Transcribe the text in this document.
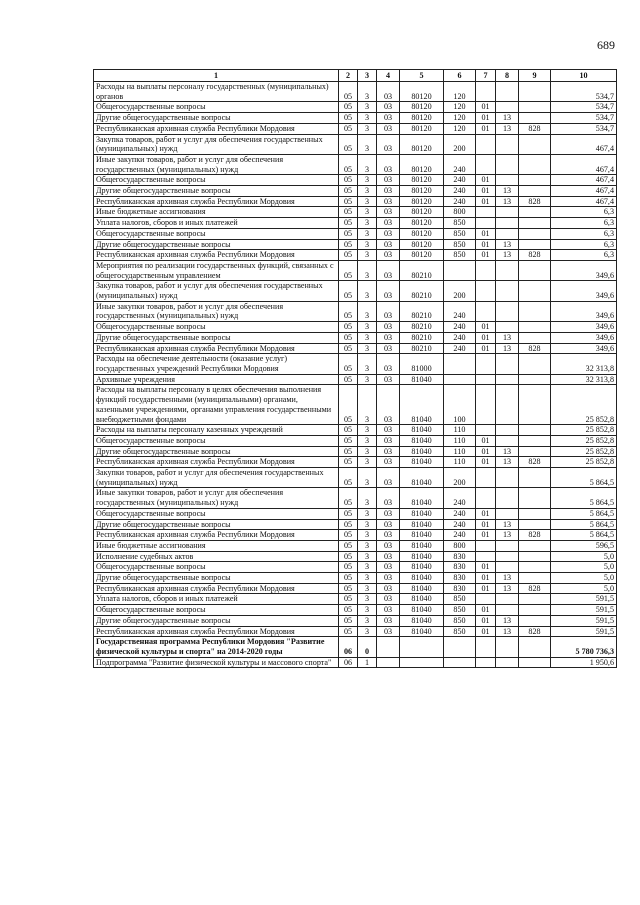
689
1	2	3	4	5	6	7	8	9	10
Расходы на выплаты персоналу государственных (муниципальных) органов	05	3	03	80120	120				534,7
Общегосударственные вопросы	05	3	03	80120	120	01			534,7
Другие общегосударственные вопросы	05	3	03	80120	120	01	13		534,7
Республиканская архивная служба Республики Мордовия	05	3	03	80120	120	01	13	828	534,7
Закупка товаров, работ и услуг для обеспечения государственных (муниципальных) нужд	05	3	03	80120	200				467,4
Иные закупки товаров, работ и услуг для обеспечения государственных (муниципальных) нужд	05	3	03	80120	240				467,4
Общегосударственные вопросы	05	3	03	80120	240	01			467,4
Другие общегосударственные вопросы	05	3	03	80120	240	01	13		467,4
Республиканская архивная служба Республики Мордовия	05	3	03	80120	240	01	13	828	467,4
Иные бюджетные ассигнования	05	3	03	80120	800				6,3
Уплата налогов, сборов и иных платежей	05	3	03	80120	850				6,3
Общегосударственные вопросы	05	3	03	80120	850	01			6,3
Другие общегосударственные вопросы	05	3	03	80120	850	01	13		6,3
Республиканская архивная служба Республики Мордовия	05	3	03	80120	850	01	13	828	6,3
Мероприятия по реализации государственных функций, связанных с общегосударственным управлением	05	3	03	80210					349,6
Закупка товаров, работ и услуг для обеспечения государственных (муниципальных) нужд	05	3	03	80210	200				349,6
Иные закупки товаров, работ и услуг для обеспечения государственных (муниципальных) нужд	05	3	03	80210	240				349,6
Общегосударственные вопросы	05	3	03	80210	240	01			349,6
Другие общегосударственные вопросы	05	3	03	80210	240	01	13		349,6
Республиканская архивная служба Республики Мордовия	05	3	03	80210	240	01	13	828	349,6
Расходы на обеспечение деятельности (оказание услуг) государственных учреждений Республики Мордовия	05	3	03	81000					32 313,8
Архивные учреждения	05	3	03	81040					32 313,8
Расходы на выплаты персоналу в целях обеспечения выполнения функций государственными (муниципальными) органами, казенными учреждениями, органами управления государственными внебюджетными фондами	05	3	03	81040	100				25 852,8
Расходы на выплаты персоналу казенных учреждений	05	3	03	81040	110				25 852,8
Общегосударственные вопросы	05	3	03	81040	110	01			25 852,8
Другие общегосударственные вопросы	05	3	03	81040	110	01	13		25 852,8
Республиканская архивная служба Республики Мордовия	05	3	03	81040	110	01	13	828	25 852,8
Закупки товаров, работ и услуг для обеспечения государственных (муниципальных) нужд	05	3	03	81040	200				5 864,5
Иные закупки товаров, работ и услуг для обеспечения государственных (муниципальных) нужд	05	3	03	81040	240				5 864,5
Общегосударственные вопросы	05	3	03	81040	240	01			5 864,5
Другие общегосударственные вопросы	05	3	03	81040	240	01	13		5 864,5
Республиканская архивная служба Республики Мордовия	05	3	03	81040	240	01	13	828	5 864,5
Иные бюджетные ассигнования	05	3	03	81040	800				596,5
Исполнение судебных актов	05	3	03	81040	830				5,0
Общегосударственные вопросы	05	3	03	81040	830	01			5,0
Другие общегосударственные вопросы	05	3	03	81040	830	01	13		5,0
Республиканская архивная служба Республики Мордовия	05	3	03	81040	830	01	13	828	5,0
Уплата налогов, сборов и иных платежей	05	3	03	81040	850				591,5
Общегосударственные вопросы	05	3	03	81040	850	01			591,5
Другие общегосударственные вопросы	05	3	03	81040	850	01	13		591,5
Республиканская архивная служба Республики Мордовия	05	3	03	81040	850	01	13	828	591,5
Государственная программа Республики Мордовия "Развитие физической культуры и спорта" на 2014-2020 годы	06	0							5 780 736,3
Подпрограмма "Развитие физической культуры и массового спорта"	06	1							1 950,6
